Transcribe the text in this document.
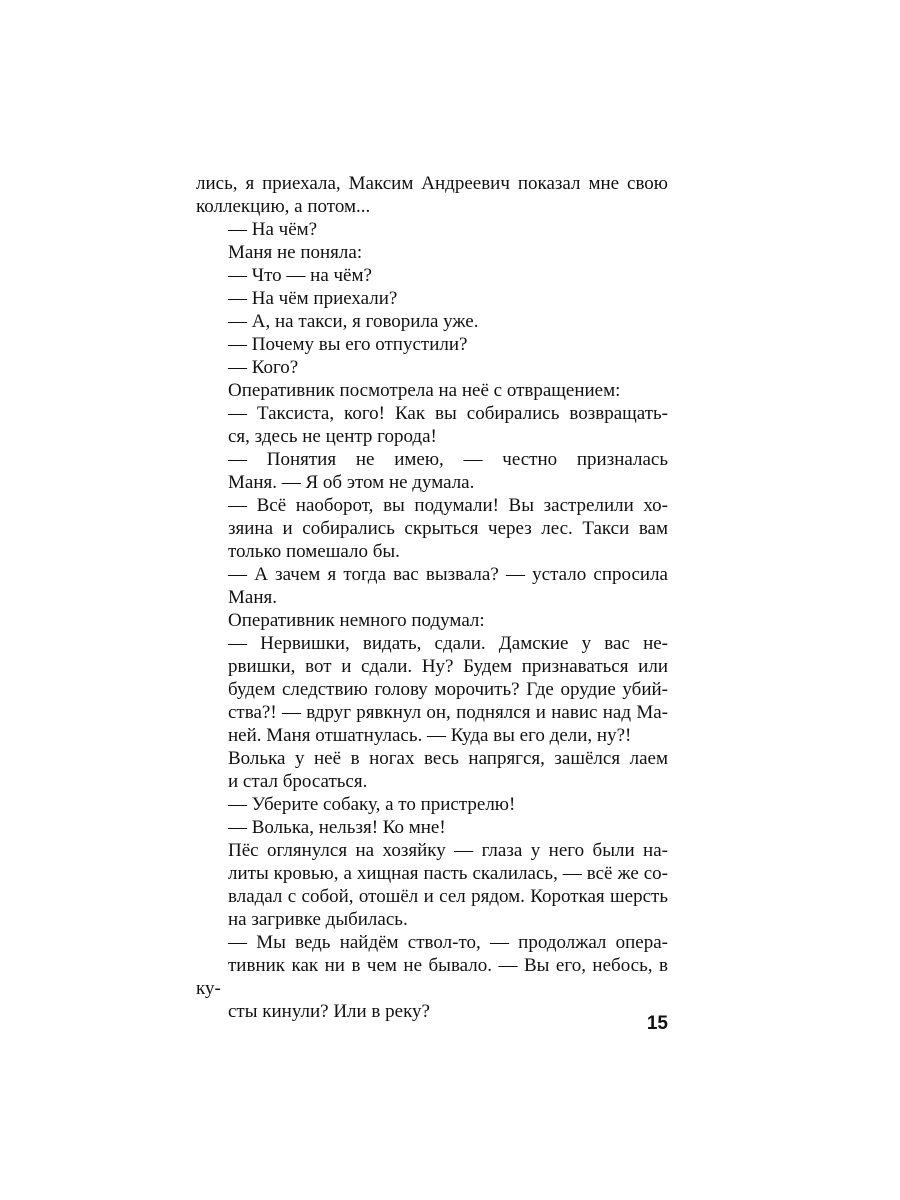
лись, я приехала, Максим Андреевич показал мне свою
коллекцию, а потом...

— На чём?

Маня не поняла:

— Что — на чём?

— На чём приехали?

— А, на такси, я говорила уже.

— Почему вы его отпустили?

— Кого?

Оперативник посмотрела на неё с отвращением:

— Таксиста, кого! Как вы собирались возвращать-
ся, здесь не центр города!

— Понятия не имею, — честно призналась
Маня. — Я об этом не думала.

— Всё наоборот, вы подумали! Вы застрелили хо-
зяина и собирались скрыться через лес. Такси вам
только помешало бы.

— А зачем я тогда вас вызвала? — устало спросила
Маня.

Оперативник немного подумал:

— Нервишки, видать, сдали. Дамские у вас не-
рвишки, вот и сдали. Ну? Будем признаваться или
будем следствию голову морочить? Где орудие убий-
ства?! — вдруг рявкнул он, поднялся и навис над Ма-
ней. Маня отшатнулась. — Куда вы его дели, ну?!

Волька у неё в ногах весь напрягся, зашёлся лаем
и стал бросаться.

— Уберите собаку, а то пристрелю!

— Волька, нельзя! Ко мне!

Пёс оглянулся на хозяйку — глаза у него были на-
литы кровью, а хищная пасть скалилась, — всё же со-
владал с собой, отошёл и сел рядом. Короткая шерсть
на загривке дыбилась.

— Мы ведь найдём ствол-то, — продолжал опера-
тивник как ни в чем не бывало. — Вы его, небось, в ку-
сты кинули? Или в реку?

15
